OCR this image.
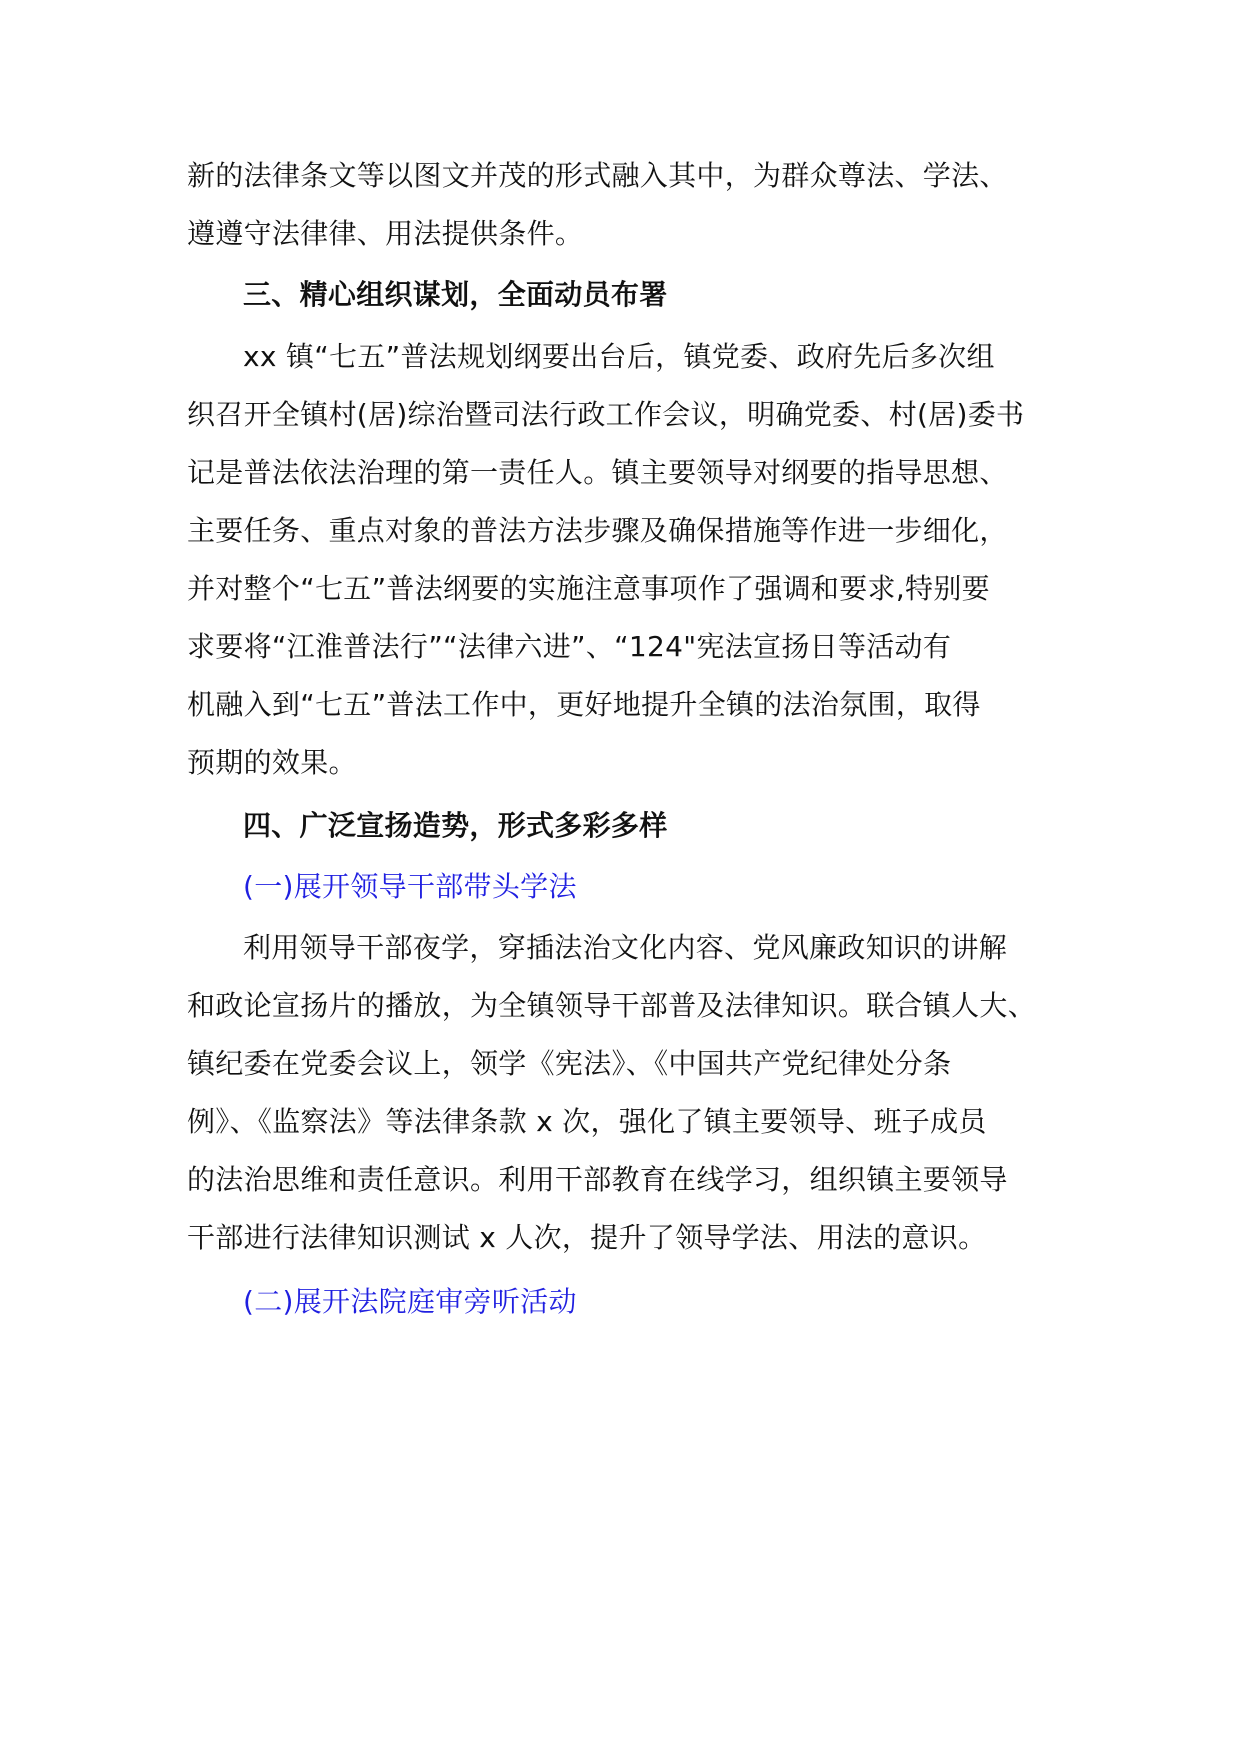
新的法律条文等以图文并茂的形式融入其中，为群众尊法、学法、
遵遵守法律律、用法提供条件。
三、精心组织谋划，全面动员布署
xx 镇“七五”普法规划纲要出台后，镇党委、政府先后多次组
织召开全镇村(居)综治暨司法行政工作会议，明确党委、村(居)委书
记是普法依法治理的第一责任人。镇主要领导对纲要的指导思想、
主要任务、重点对象的普法方法步骤及确保措施等作进一步细化，
并对整个“七五”普法纲要的实施注意事项作了强调和要求,特别要
求要将“江淮普法行”“法律六进”、“124"宪法宣扬日等活动有
机融入到“七五”普法工作中，更好地提升全镇的法治氛围，取得
预期的效果。
四、广泛宣扬造势，形式多彩多样
(一)展开领导干部带头学法
利用领导干部夜学，穿插法治文化内容、党风廉政知识的讲解
和政论宣扬片的播放，为全镇领导干部普及法律知识。联合镇人大、
镇纪委在党委会议上，领学《宪法》、《中国共产党纪律处分条
例》、《监察法》等法律条款 x 次，强化了镇主要领导、班子成员
的法治思维和责任意识。利用干部教育在线学习，组织镇主要领导
干部进行法律知识测试 x 人次，提升了领导学法、用法的意识。
(二)展开法院庭审旁听活动
